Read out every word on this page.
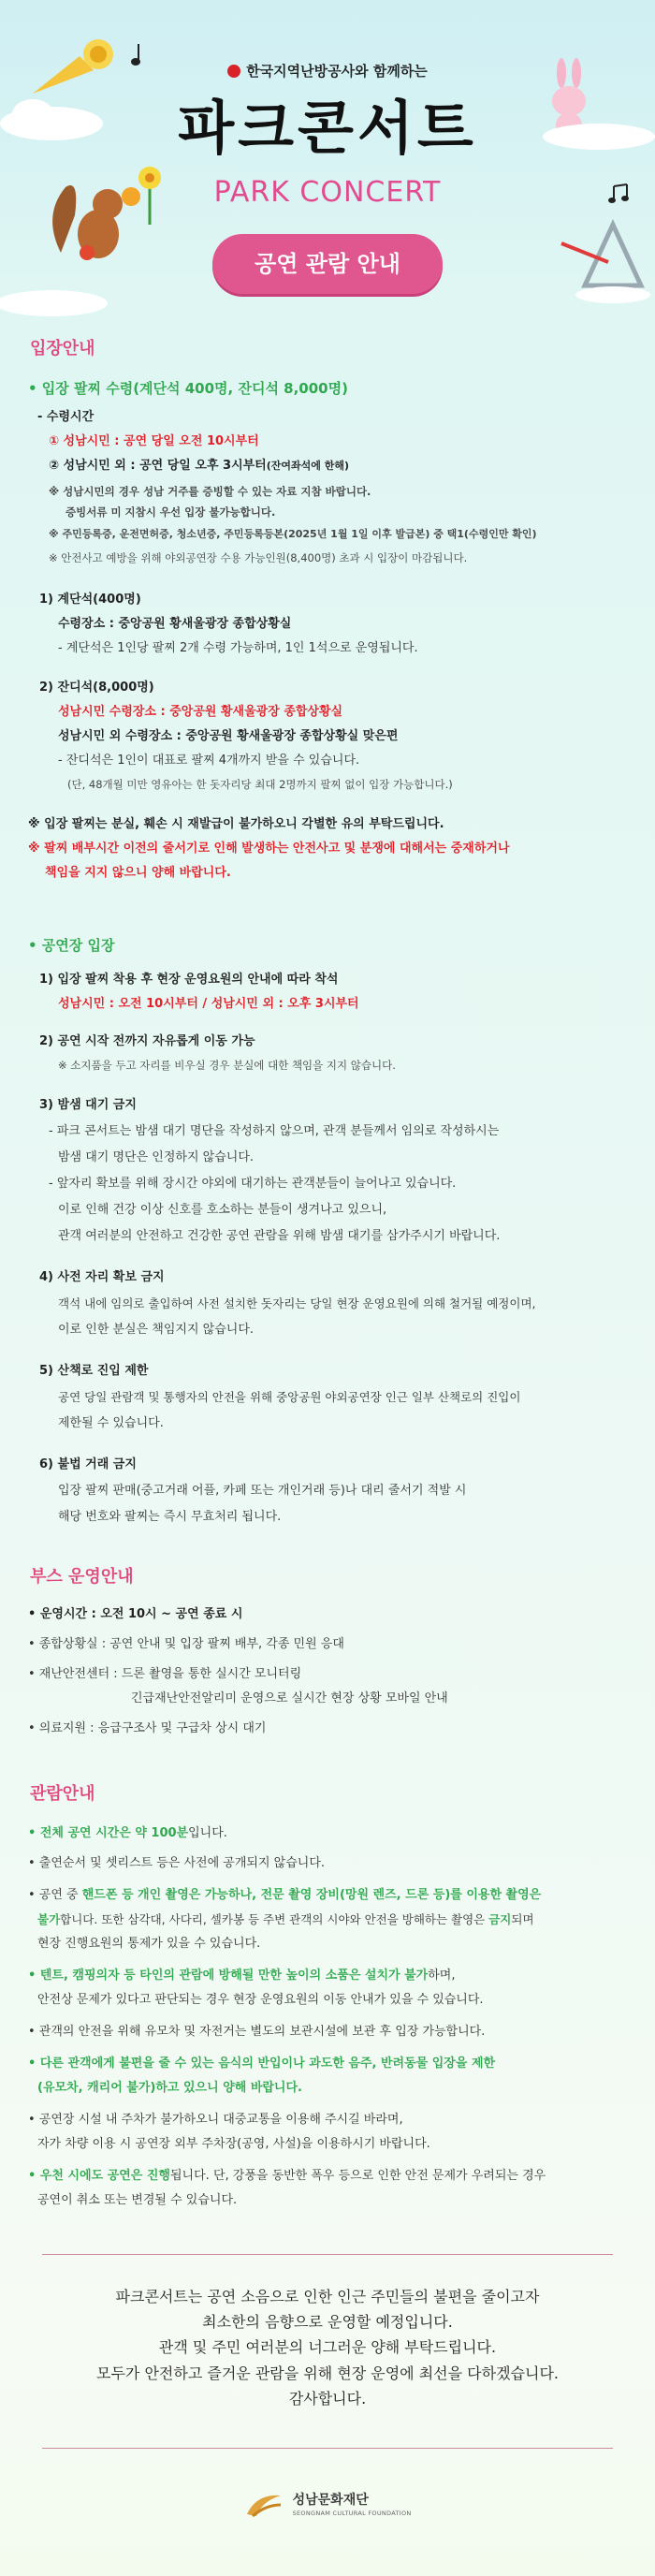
한국지역난방공사와 함께하는
파크콘서트
PARK CONCERT
공연 관람 안내
입장안내
• 입장 팔찌 수령(계단석 400명, 잔디석 8,000명)
- 수령시간
① 성남시민 : 공연 당일 오전 10시부터
② 성남시민 외 : 공연 당일 오후 3시부터(잔여좌석에 한해)
※ 성남시민의 경우 성남 거주를 증빙할 수 있는 자료 지참 바랍니다.
증빙서류 미 지참시 우선 입장 불가능합니다.
※ 주민등록증, 운전면허증, 청소년증, 주민등록등본(2025년 1월 1일 이후 발급본) 중 택1(수령인만 확인)
※ 안전사고 예방을 위해 야외공연장 수용 가능인원(8,400명) 초과 시 입장이 마감됩니다.
1) 계단석(400명)
수령장소 : 중앙공원 황새울광장 종합상황실
- 계단석은 1인당 팔찌 2개 수령 가능하며, 1인 1석으로 운영됩니다.
2) 잔디석(8,000명)
성남시민 수령장소 : 중앙공원 황새울광장 종합상황실
성남시민 외 수령장소 : 중앙공원 황새울광장 종합상황실 맞은편
- 잔디석은 1인이 대표로 팔찌 4개까지 받을 수 있습니다.
(단, 48개월 미만 영유아는 한 돗자리당 최대 2명까지 팔찌 없이 입장 가능합니다.)
※ 입장 팔찌는 분실, 훼손 시 재발급이 불가하오니 각별한 유의 부탁드립니다.
※ 팔찌 배부시간 이전의 줄서기로 인해 발생하는 안전사고 및 분쟁에 대해서는 중재하거나
책임을 지지 않으니 양해 바랍니다.
• 공연장 입장
1) 입장 팔찌 착용 후 현장 운영요원의 안내에 따라 착석
성남시민 : 오전 10시부터 / 성남시민 외 : 오후 3시부터
2) 공연 시작 전까지 자유롭게 이동 가능
※ 소지품을 두고 자리를 비우실 경우 분실에 대한 책임을 지지 않습니다.
3) 밤샘 대기 금지
- 파크 콘서트는 밤샘 대기 명단을 작성하지 않으며, 관객 분들께서 임의로 작성하시는
밤샘 대기 명단은 인정하지 않습니다.
- 앞자리 확보를 위해 장시간 야외에 대기하는 관객분들이 늘어나고 있습니다.
이로 인해 건강 이상 신호를 호소하는 분들이 생겨나고 있으니,
관객 여러분의 안전하고 건강한 공연 관람을 위해 밤샘 대기를 삼가주시기 바랍니다.
4) 사전 자리 확보 금지
객석 내에 임의로 출입하여 사전 설치한 돗자리는 당일 현장 운영요원에 의해 철거될 예정이며,
이로 인한 분실은 책임지지 않습니다.
5) 산책로 진입 제한
공연 당일 관람객 및 통행자의 안전을 위해 중앙공원 야외공연장 인근 일부 산책로의 진입이
제한될 수 있습니다.
6) 불법 거래 금지
입장 팔찌 판매(중고거래 어플, 카페 또는 개인거래 등)나 대리 줄서기 적발 시
해당 번호와 팔찌는 즉시 무효처리 됩니다.
부스 운영안내
• 운영시간 : 오전 10시 ~ 공연 종료 시
• 종합상황실 : 공연 안내 및 입장 팔찌 배부, 각종 민원 응대
• 재난안전센터 : 드론 촬영을 통한 실시간 모니터링
긴급재난안전알리미 운영으로 실시간 현장 상황 모바일 안내
• 의료지원 : 응급구조사 및 구급차 상시 대기
관람안내
• 전체 공연 시간은 약 100분입니다.
• 출연순서 및 셋리스트 등은 사전에 공개되지 않습니다.
• 공연 중 핸드폰 등 개인 촬영은 가능하나, 전문 촬영 장비(망원 렌즈, 드론 등)를 이용한 촬영은
불가합니다. 또한 삼각대, 사다리, 셀카봉 등 주변 관객의 시야와 안전을 방해하는 촬영은 금지되며
현장 진행요원의 통제가 있을 수 있습니다.
• 텐트, 캠핑의자 등 타인의 관람에 방해될 만한 높이의 소품은 설치가 불가하며,
안전상 문제가 있다고 판단되는 경우 현장 운영요원의 이동 안내가 있을 수 있습니다.
• 관객의 안전을 위해 유모차 및 자전거는 별도의 보관시설에 보관 후 입장 가능합니다.
• 다른 관객에게 불편을 줄 수 있는 음식의 반입이나 과도한 음주, 반려동물 입장을 제한
(유모차, 캐리어 불가)하고 있으니 양해 바랍니다.
• 공연장 시설 내 주차가 불가하오니 대중교통을 이용해 주시길 바라며,
자가 차량 이용 시 공연장 외부 주차장(공영, 사설)을 이용하시기 바랍니다.
• 우천 시에도 공연은 진행됩니다. 단, 강풍을 동반한 폭우 등으로 인한 안전 문제가 우려되는 경우
공연이 취소 또는 변경될 수 있습니다.
파크콘서트는 공연 소음으로 인한 인근 주민들의 불편을 줄이고자
최소한의 음향으로 운영할 예정입니다.
관객 및 주민 여러분의 너그러운 양해 부탁드립니다.
모두가 안전하고 즐거운 관람을 위해 현장 운영에 최선을 다하겠습니다.
감사합니다.

성남문화재단
SEONGNAM CULTURAL FOUNDATION
